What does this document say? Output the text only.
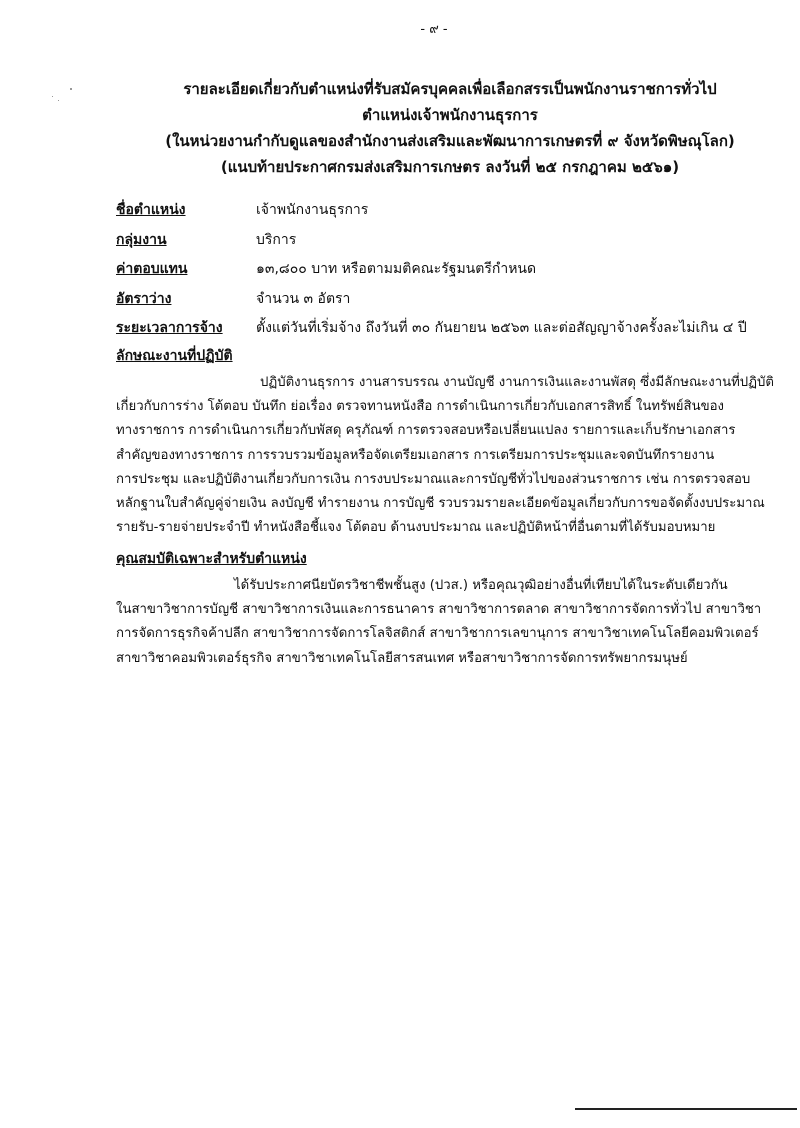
- ๙ -
รายละเอียดเกี่ยวกับตำแหน่งที่รับสมัครบุคคลเพื่อเลือกสรรเป็นพนักงานราชการทั่วไป
ตำแหน่งเจ้าพนักงานธุรการ
(ในหน่วยงานกำกับดูแลของสำนักงานส่งเสริมและพัฒนาการเกษตรที่ ๙ จังหวัดพิษณุโลก)
(แนบท้ายประกาศกรมส่งเสริมการเกษตร ลงวันที่ ๒๕ กรกฎาคม ๒๕๖๑)
ชื่อตำแหน่ง	เจ้าพนักงานธุรการ
กลุ่มงาน	บริการ
ค่าตอบแทน	๑๓,๘๐๐ บาท หรือตามมติคณะรัฐมนตรีกำหนด
อัตราว่าง	จำนวน ๓ อัตรา
ระยะเวลาการจ้าง	ตั้งแต่วันที่เริ่มจ้าง ถึงวันที่ ๓๐ กันยายน ๒๕๖๓ และต่อสัญญาจ้างครั้งละไม่เกิน ๔ ปี
ลักษณะงานที่ปฏิบัติ
ปฏิบัติงานธุรการ งานสารบรรณ งานบัญชี งานการเงินและงานพัสดุ ซึ่งมีลักษณะงานที่ปฏิบัติ
เกี่ยวกับการร่าง โต้ตอบ บันทึก ย่อเรื่อง ตรวจทานหนังสือ การดำเนินการเกี่ยวกับเอกสารสิทธิ์ ในทรัพย์สินของ
ทางราชการ การดำเนินการเกี่ยวกับพัสดุ ครุภัณฑ์ การตรวจสอบหรือเปลี่ยนแปลง รายการและเก็บรักษาเอกสาร
สำคัญของทางราชการ การรวบรวมข้อมูลหรือจัดเตรียมเอกสาร การเตรียมการประชุมและจดบันทึกรายงาน
การประชุม และปฏิบัติงานเกี่ยวกับการเงิน การงบประมาณและการบัญชีทั่วไปของส่วนราชการ เช่น การตรวจสอบ
หลักฐานใบสำคัญคู่จ่ายเงิน ลงบัญชี ทำรายงาน การบัญชี รวบรวมรายละเอียดข้อมูลเกี่ยวกับการขอจัดตั้งงบประมาณ
รายรับ-รายจ่ายประจำปี ทำหนังสือชี้แจง โต้ตอบ ด้านงบประมาณ และปฏิบัติหน้าที่อื่นตามที่ได้รับมอบหมาย
คุณสมบัติเฉพาะสำหรับตำแหน่ง
ได้รับประกาศนียบัตรวิชาชีพชั้นสูง (ปวส.) หรือคุณวุฒิอย่างอื่นที่เทียบได้ในระดับเดียวกัน
ในสาขาวิชาการบัญชี สาขาวิชาการเงินและการธนาคาร สาขาวิชาการตลาด สาขาวิชาการจัดการทั่วไป สาขาวิชา
การจัดการธุรกิจค้าปลีก สาขาวิชาการจัดการโลจิสติกส์ สาขาวิชาการเลขานุการ สาขาวิชาเทคโนโลยีคอมพิวเตอร์
สาขาวิชาคอมพิวเตอร์ธุรกิจ สาขาวิชาเทคโนโลยีสารสนเทศ หรือสาขาวิชาการจัดการทรัพยากรมนุษย์
